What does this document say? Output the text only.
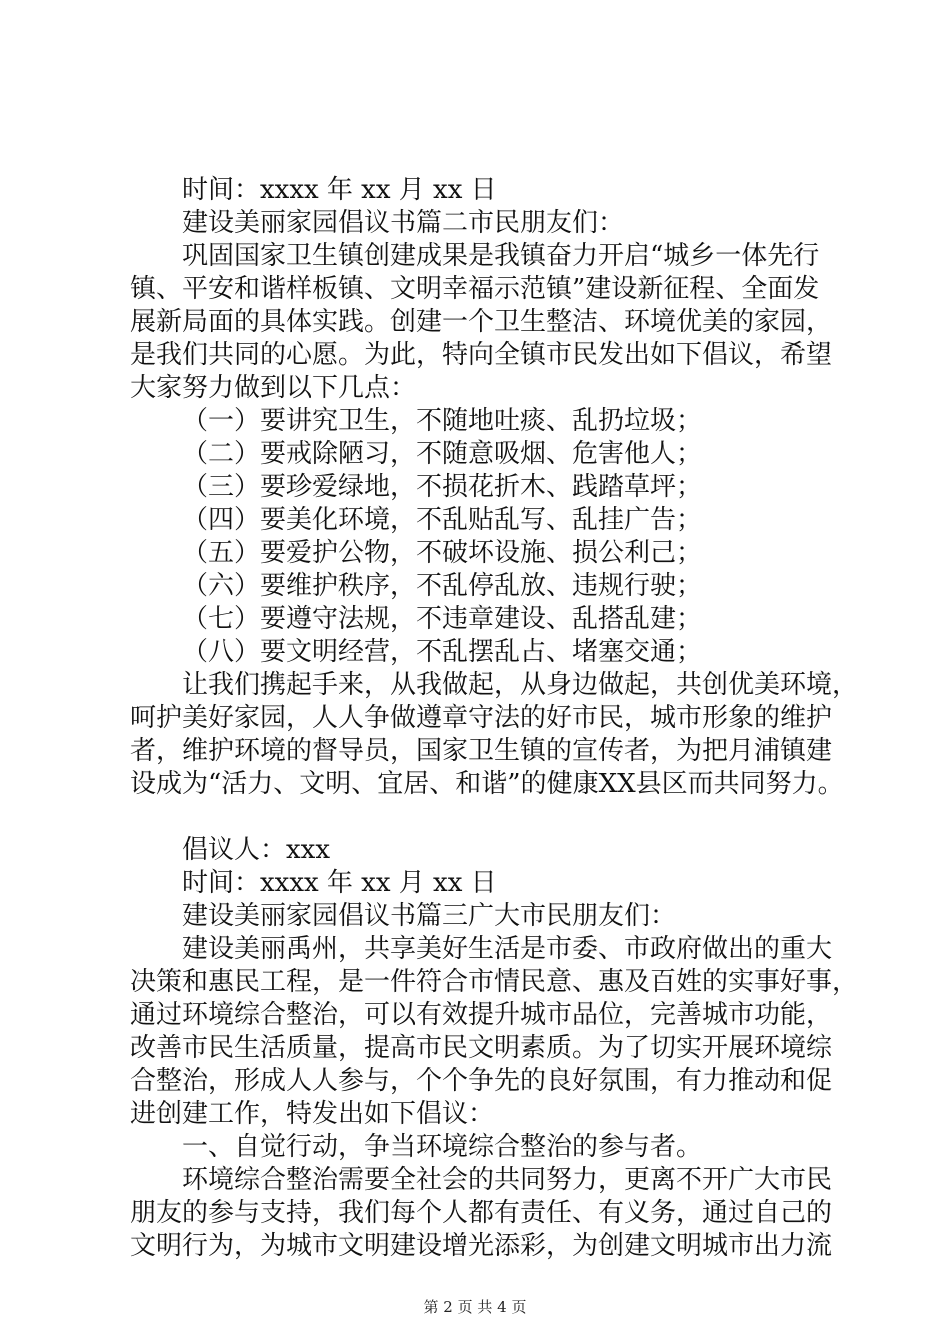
时间：xxxx 年 xx 月 xx 日

建设美丽家园倡议书篇二市民朋友们：

巩固国家卫生镇创建成果是我镇奋力开启“城乡一体先行

镇、平安和谐样板镇、文明幸福示范镇”建设新征程、全面发

展新局面的具体实践。创建一个卫生整洁、环境优美的家园，

是我们共同的心愿。为此，特向全镇市民发出如下倡议，希望

大家努力做到以下几点：

（一）要讲究卫生，不随地吐痰、乱扔垃圾；

（二）要戒除陋习，不随意吸烟、危害他人；

（三）要珍爱绿地，不损花折木、践踏草坪；

（四）要美化环境，不乱贴乱写、乱挂广告；

（五）要爱护公物，不破坏设施、损公利己；

（六）要维护秩序，不乱停乱放、违规行驶；

（七）要遵守法规，不违章建设、乱搭乱建；

（八）要文明经营，不乱摆乱占、堵塞交通；

让我们携起手来，从我做起，从身边做起，共创优美环境，

呵护美好家园，人人争做遵章守法的好市民，城市形象的维护

者，维护环境的督导员，国家卫生镇的宣传者，为把月浦镇建

设成为“活力、文明、宜居、和谐”的健康XX县区而共同努力。

倡议人：xxx

时间：xxxx 年 xx 月 xx 日

建设美丽家园倡议书篇三广大市民朋友们：

建设美丽禹州，共享美好生活是市委、市政府做出的重大

决策和惠民工程，是一件符合市情民意、惠及百姓的实事好事，

通过环境综合整治，可以有效提升城市品位，完善城市功能，

改善市民生活质量，提高市民文明素质。为了切实开展环境综

合整治，形成人人参与，个个争先的良好氛围，有力推动和促

进创建工作，特发出如下倡议：

一、自觉行动，争当环境综合整治的参与者。

环境综合整治需要全社会的共同努力，更离不开广大市民

朋友的参与支持，我们每个人都有责任、有义务，通过自己的

文明行为，为城市文明建设增光添彩，为创建文明城市出力流

第 2 页 共 4 页
